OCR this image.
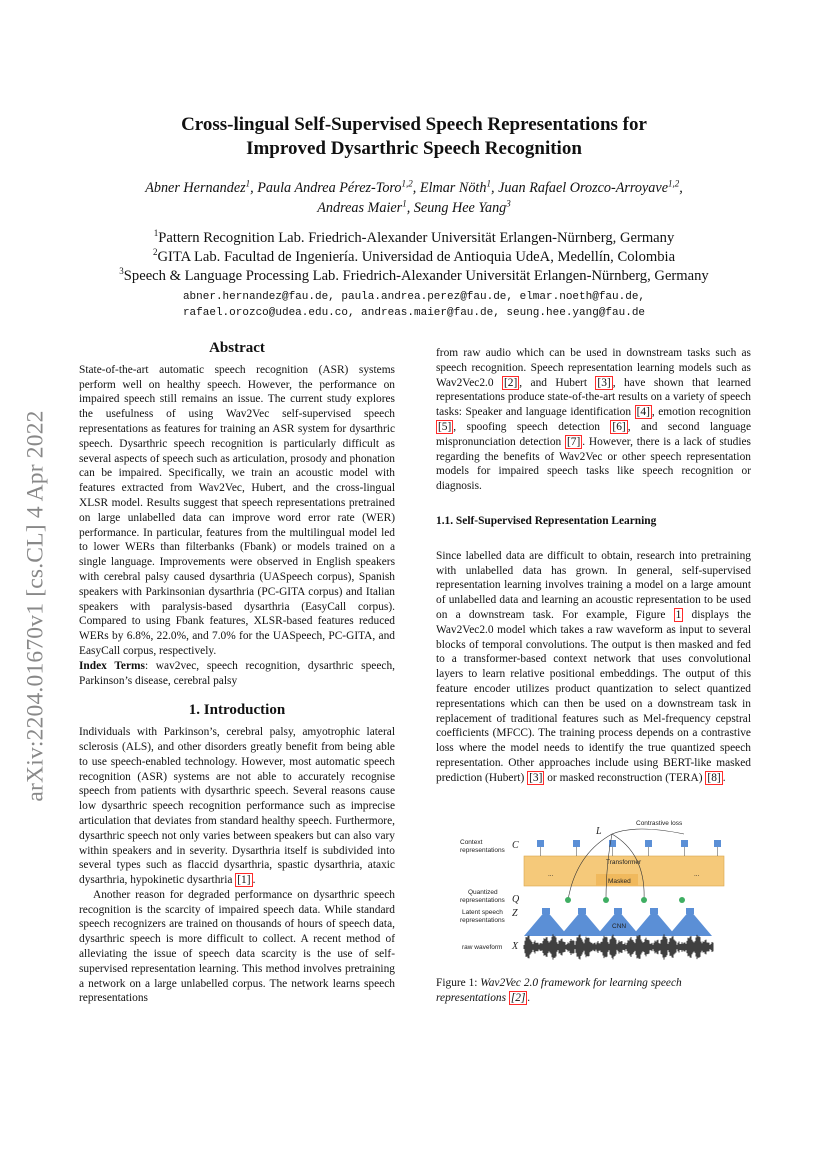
arXiv:2204.01670v1 [cs.CL] 4 Apr 2022
Cross-lingual Self-Supervised Speech Representations for
Improved Dysarthric Speech Recognition
Abner Hernandez$^1$, Paula Andrea Pérez-Toro$^{1,2}$, Elmar Nöth$^1$, Juan Rafael Orozco-Arroyave$^{1,2}$,
Andreas Maier$^1$, Seung Hee Yang$^3$
$^1$Pattern Recognition Lab. Friedrich-Alexander Universität Erlangen-Nürnberg, Germany
$^2$GITA Lab. Facultad de Ingeniería. Universidad de Antioquia UdeA, Medellín, Colombia
$^3$Speech & Language Processing Lab. Friedrich-Alexander Universität Erlangen-Nürnberg, Germany
abner.hernandez@fau.de, paula.andrea.perez@fau.de, elmar.noeth@fau.de,
rafael.orozco@udea.edu.co, andreas.maier@fau.de, seung.hee.yang@fau.de
Abstract

State-of-the-art automatic speech recognition (ASR) systems perform well on healthy speech. However, the performance on impaired speech still remains an issue. The current study explores the usefulness of using Wav2Vec self-supervised speech representations as features for training an ASR system for dysarthric speech. Dysarthric speech recognition is particularly difficult as several aspects of speech such as articulation, prosody and phonation can be impaired. Specifically, we train an acoustic model with features extracted from Wav2Vec, Hubert, and the cross-lingual XLSR model. Results suggest that speech representations pretrained on large unlabelled data can improve word error rate (WER) performance. In particular, features from the multilingual model led to lower WERs than filterbanks (Fbank) or models trained on a single language. Improvements were observed in English speakers with cerebral palsy caused dysarthria (UASpeech corpus), Spanish speakers with Parkinsonian dysarthria (PC-GITA corpus) and Italian speakers with paralysis-based dysarthria (EasyCall corpus). Compared to using Fbank features, XLSR-based features reduced WERs by 6.8%, 22.0%, and 7.0% for the UASpeech, PC-GITA, and EasyCall corpus, respectively.

Index Terms: wav2vec, speech recognition, dysarthric speech, Parkinson’s disease, cerebral palsy

1. Introduction

Individuals with Parkinson’s, cerebral palsy, amyotrophic lateral sclerosis (ALS), and other disorders greatly benefit from being able to use speech-enabled technology. However, most automatic speech recognition (ASR) systems are not able to accurately recognise speech from patients with dysarthric speech. Several reasons cause low dysarthric speech recognition performance such as imprecise articulation that deviates from standard healthy speech. Furthermore, dysarthric speech not only varies between speakers but can also vary within speakers and in severity. Dysarthria itself is subdivided into several types such as flaccid dysarthria, spastic dysarthria, ataxic dysarthria, hypokinetic dysarthria [1] .

Another reason for degraded performance on dysarthric speech recognition is the scarcity of impaired speech data. While standard speech recognizers are trained on thousands of hours of speech data, dysarthric speech is more difficult to collect. A recent method of alleviating the issue of speech data scarcity is the use of self-supervised representation learning. This method involves pretraining a network on a large unlabelled corpus. The network learns speech representations

from raw audio which can be used in downstream tasks such as speech recognition. Speech representation learning models such as Wav2Vec2.0 [2] , and Hubert [3] , have shown that learned representations produce state-of-the-art results on a variety of speech tasks: Speaker and language identification [4] , emotion recognition [5] , spoofing speech detection [6] , and second language mispronunciation detection [7] . However, there is a lack of studies regarding the benefits of Wav2Vec or other speech representation models for impaired speech tasks like speech recognition or diagnosis.

1.1. Self-Supervised Representation Learning

Since labelled data are difficult to obtain, research into pretraining with unlabelled data has grown. In general, self-supervised representation learning involves training a model on a large amount of unlabelled data and learning an acoustic representation to be used on a downstream task. For example, Figure 1 displays the Wav2Vec2.0 model which takes a raw waveform as input to several blocks of temporal convolutions. The output is then masked and fed to a transformer-based context network that uses convolutional layers to learn relative positional embeddings. The output of this feature encoder utilizes product quantization to select quantized representations which can then be used on a downstream task in replacement of traditional features such as Mel-frequency cepstral coefficients (MFCC). The training process depends on a contrastive loss where the model needs to identify the true quantized speech representation. Other approaches include using BERT-like masked prediction (Hubert) [3] or masked reconstruction (TERA) [8] .

Contrastive loss
L
Context
representations C
Quantized
representations Q
Latent speech
representations
Z
raw waveform X
Transformer
Masked
...	...
CNN
Figure 1: Wav2Vec 2.0 framework for learning speech representations [2] .
